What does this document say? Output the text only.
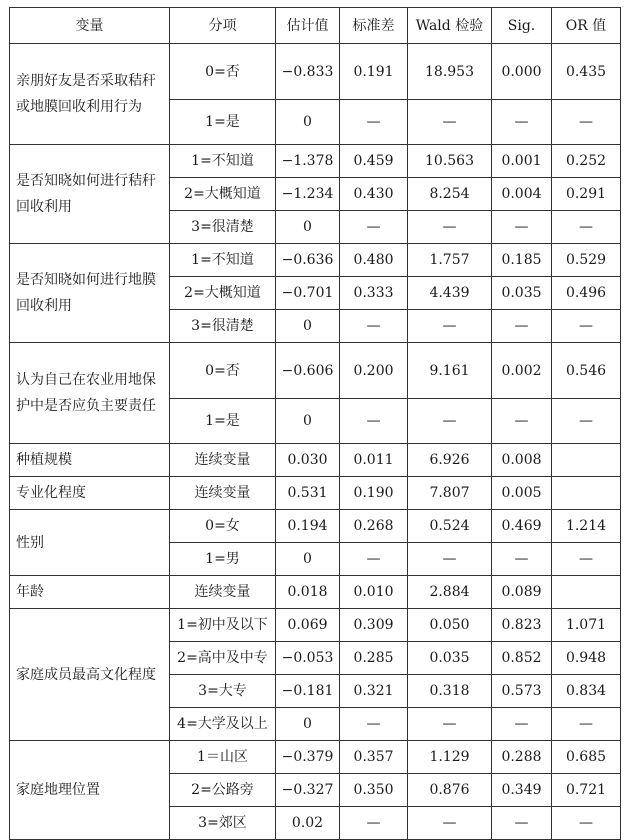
变量	分项	估计值	标准差	Wald 检验	Sig.	OR 值
亲朋好友是否采取秸秆或地膜回收利用行为	0=否	−0.833	0.191	18.953	0.000	0.435
	1=是	0	—	—	—	—
是否知晓如何进行秸秆回收利用	1=不知道	−1.378	0.459	10.563	0.001	0.252
	2=大概知道	−1.234	0.430	8.254	0.004	0.291
	3=很清楚	0	—	—	—	—
是否知晓如何进行地膜回收利用	1=不知道	−0.636	0.480	1.757	0.185	0.529
	2=大概知道	−0.701	0.333	4.439	0.035	0.496
	3=很清楚	0	—	—	—	—
认为自己在农业用地保护中是否应负主要责任	0=否	−0.606	0.200	9.161	0.002	0.546
	1=是	0	—	—	—	—
种植规模	连续变量	0.030	0.011	6.926	0.008	
专业化程度	连续变量	0.531	0.190	7.807	0.005	
性别	0=女	0.194	0.268	0.524	0.469	1.214
	1=男	0	—	—	—	—
年龄	连续变量	0.018	0.010	2.884	0.089	
家庭成员最高文化程度	1=初中及以下	0.069	0.309	0.050	0.823	1.071
	2=高中及中专	−0.053	0.285	0.035	0.852	0.948
	3=大专	−0.181	0.321	0.318	0.573	0.834
	4=大学及以上	0	—	—	—	—
家庭地理位置	1＝山区	−0.379	0.357	1.129	0.288	0.685
	2=公路旁	−0.327	0.350	0.876	0.349	0.721
	3=郊区	0.02	—	—	—	—
